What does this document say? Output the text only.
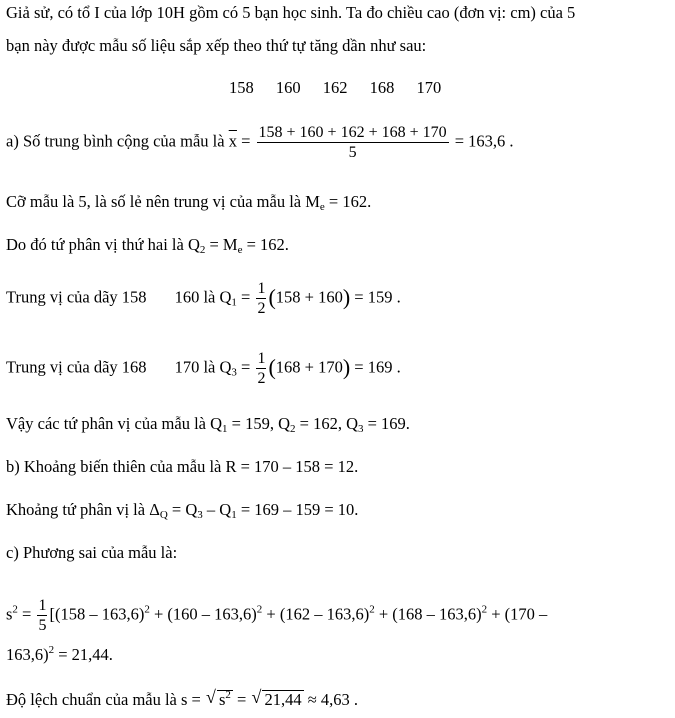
Giả sử, có tổ I của lớp 10H gồm có 5 bạn học sinh. Ta đo chiều cao (đơn vị: cm) của 5
bạn này được mẫu số liệu sắp xếp theo thứ tự tăng dần như sau:
158 160 162 168 170
a) Số trung bình cộng của mẫu là $\overline{x} = \frac{158 + 160 + 162 + 168 + 170}{5} = 163,6$ .
Cỡ mẫu là 5, là số lẻ nên trung vị của mẫu là $M_e = 162$.
Do đó tứ phân vị thứ hai là $Q_2 = M_e = 162$.
Trung vị của dãy 158 160 là $Q_1 = \frac{1}{2} (158 + 160) = 159$ .
Trung vị của dãy 168 170 là $Q_3 = \frac{1}{2} (168 + 170) = 169$ .
Vậy các tứ phân vị của mẫu là $Q_1 = 159$, $Q_2 = 162$, $Q_3 = 169$.
b) Khoảng biến thiên của mẫu là R = 170 – 158 = 12.
Khoảng tứ phân vị là $\Delta_Q = Q_3 - Q_1 = 169 - 159 = 10$.
c) Phương sai của mẫu là:
$s^2 = \frac{1}{5} [(158 - 163,6)^2 + (160 - 163,6)^2 + (162 - 163,6)^2 + (168 - 163,6)^2 + (170$ –
163,6)$^2$ = 21,44.
Độ lệch chuẩn của mẫu là s = √ $s^2$ = √ 21,44 ≈ 4,63 .
